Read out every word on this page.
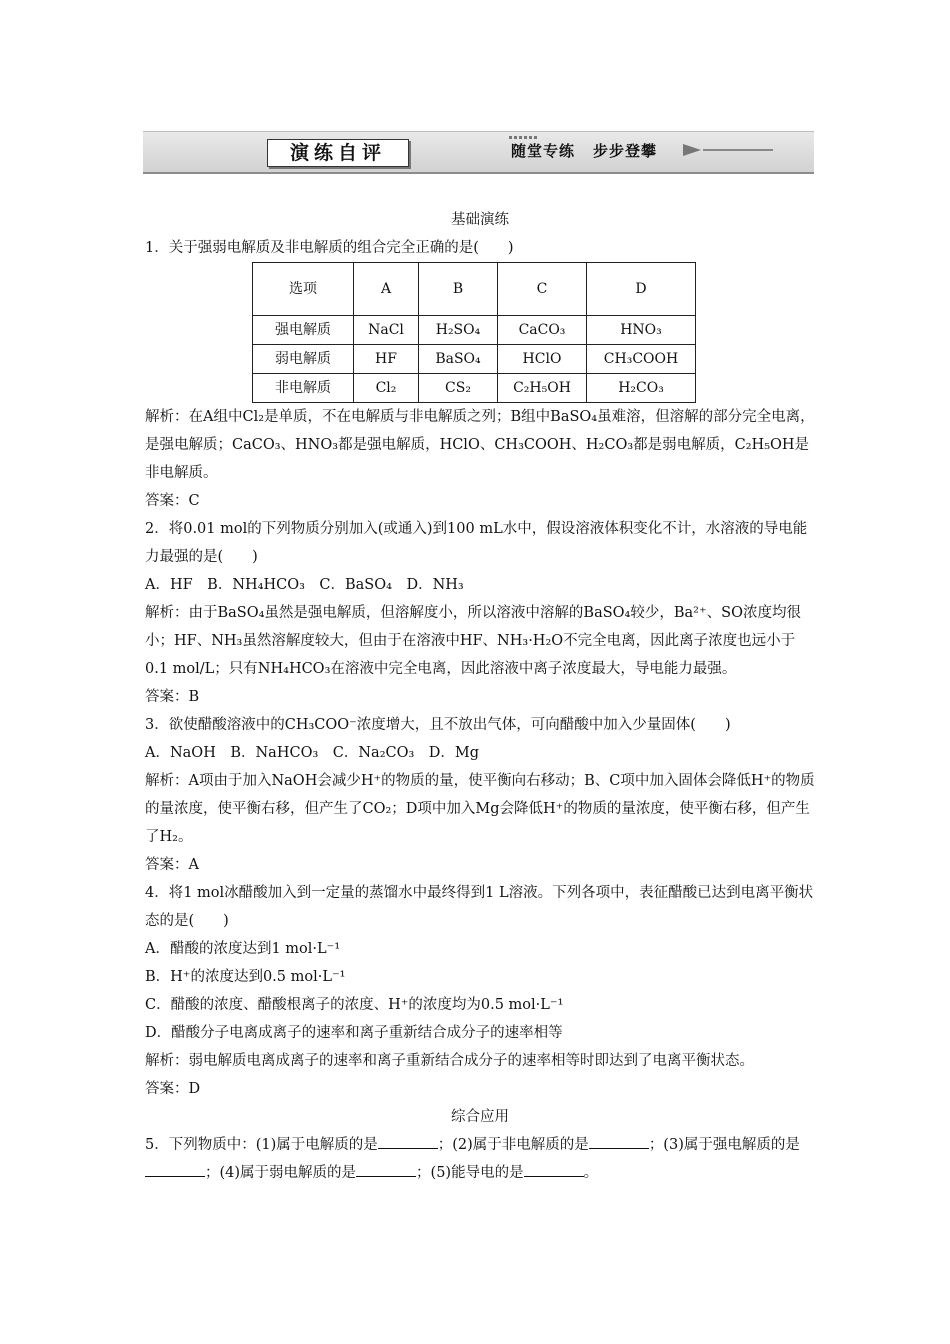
演练自评	随堂专练 步步登攀

基础演练

1．关于强弱电解质及非电解质的组合完全正确的是(　　)

选项	A	B	C	D
强电解质	NaCl	H₂SO₄	CaCO₃	HNO₃
弱电解质	HF	BaSO₄	HClO	CH₃COOH
非电解质	Cl₂	CS₂	C₂H₅OH	H₂CO₃

解析：在A组中Cl₂是单质，不在电解质与非电解质之列；B组中BaSO₄虽难溶，但溶解的部分完全电离，是强电解质；CaCO₃、HNO₃都是强电解质，HClO、CH₃COOH、H₂CO₃都是弱电解质，C₂H₅OH是非电解质。

答案：C

2．将0.01 mol的下列物质分别加入(或通入)到100 mL水中，假设溶液体积变化不计，水溶液的导电能力最强的是(　　)

A．HF　B．NH₄HCO₃　C．BaSO₄　D．NH₃

解析：由于BaSO₄虽然是强电解质，但溶解度小，所以溶液中溶解的BaSO₄较少，Ba²⁺、SO浓度均很小；HF、NH₃虽然溶解度较大，但由于在溶液中HF、NH₃·H₂O不完全电离，因此离子浓度也远小于0.1 mol/L；只有NH₄HCO₃在溶液中完全电离，因此溶液中离子浓度最大，导电能力最强。

答案：B

3．欲使醋酸溶液中的CH₃COO⁻浓度增大，且不放出气体，可向醋酸中加入少量固体(　　)

A．NaOH　B．NaHCO₃　C．Na₂CO₃　D．Mg

解析：A项由于加入NaOH会减少H⁺的物质的量，使平衡向右移动；B、C项中加入固体会降低H⁺的物质的量浓度，使平衡右移，但产生了CO₂；D项中加入Mg会降低H⁺的物质的量浓度，使平衡右移，但产生了H₂。

答案：A

4．将1 mol冰醋酸加入到一定量的蒸馏水中最终得到1 L溶液。下列各项中，表征醋酸已达到电离平衡状态的是(　　)

A．醋酸的浓度达到1 mol·L⁻¹

B．H⁺的浓度达到0.5 mol·L⁻¹

C．醋酸的浓度、醋酸根离子的浓度、H⁺的浓度均为0.5 mol·L⁻¹

D．醋酸分子电离成离子的速率和离子重新结合成分子的速率相等

解析：弱电解质电离成离子的速率和离子重新结合成分子的速率相等时即达到了电离平衡状态。

答案：D

综合应用

5．下列物质中：(1)属于电解质的是	；(2)属于非电解质的是	；(3)属于强电解质的是；(4)属于弱电解质的是	；(5)能导电的是	。
